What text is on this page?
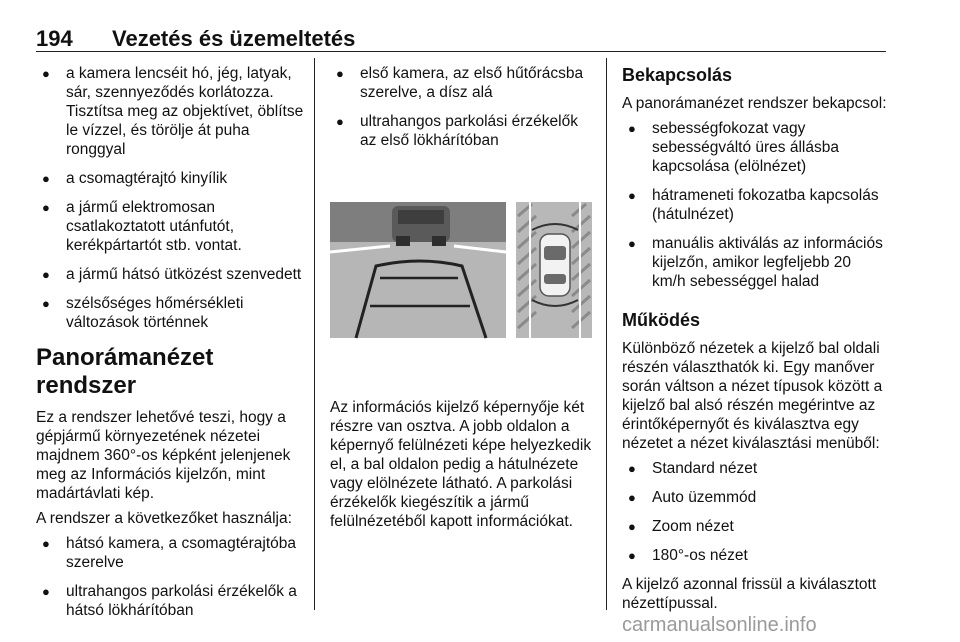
194 Vezetés és üzemeltetés
● a kamera lencséit hó, jég, latyak, sár, szennyeződés korlátozza. Tisztítsa meg az objektívet, öblítse le vízzel, és törölje át puha ronggyal
● a csomagtérajtó kinyílik
● a jármű elektromosan csatlakoztatott utánfutót, kerékpártartót stb. vontat.
● a jármű hátsó ütközést szenvedett
● szélsőséges hőmérsékleti változások történnek
Panorámanézet rendszer

Ez a rendszer lehetővé teszi, hogy a gépjármű környezetének nézetei majdnem 360°-os képként jelenjenek meg az Információs kijelzőn, mint madártávlati kép.

A rendszer a következőket használja:

● hátsó kamera, a csomagtérajtóba szerelve
● ultrahangos parkolási érzékelők a hátsó lökhárítóban
● első kamera, az első hűtőrácsba szerelve, a dísz alá
● ultrahangos parkolási érzékelők az első lökhárítóban

Az információs kijelző képernyője két részre van osztva. A jobb oldalon a képernyő felülnézeti képe helyezkedik el, a bal oldalon pedig a hátulnézete vagy elölnézete látható. A parkolási érzékelők kiegészítik a jármű felülnézetéből kapott információkat.

Bekapcsolás

A panorámanézet rendszer bekapcsol:

● sebességfokozat vagy sebességváltó üres állásba kapcsolása (elölnézet)
● hátrameneti fokozatba kapcsolás (hátulnézet)
● manuális aktiválás az információs kijelzőn, amikor legfeljebb 20 km/h sebességgel halad
Működés

Különböző nézetek a kijelző bal oldali részén választhatók ki. Egy manőver során váltson a nézet típusok között a kijelző bal alsó részén megérintve az érintőképernyőt és kiválasztva egy nézetet a nézet kiválasztási menüből:

● Standard nézet
● Auto üzemmód
● Zoom nézet
● 180°-os nézet

A kijelző azonnal frissül a kiválasztott nézettípussal.

carmanualsonline.info
